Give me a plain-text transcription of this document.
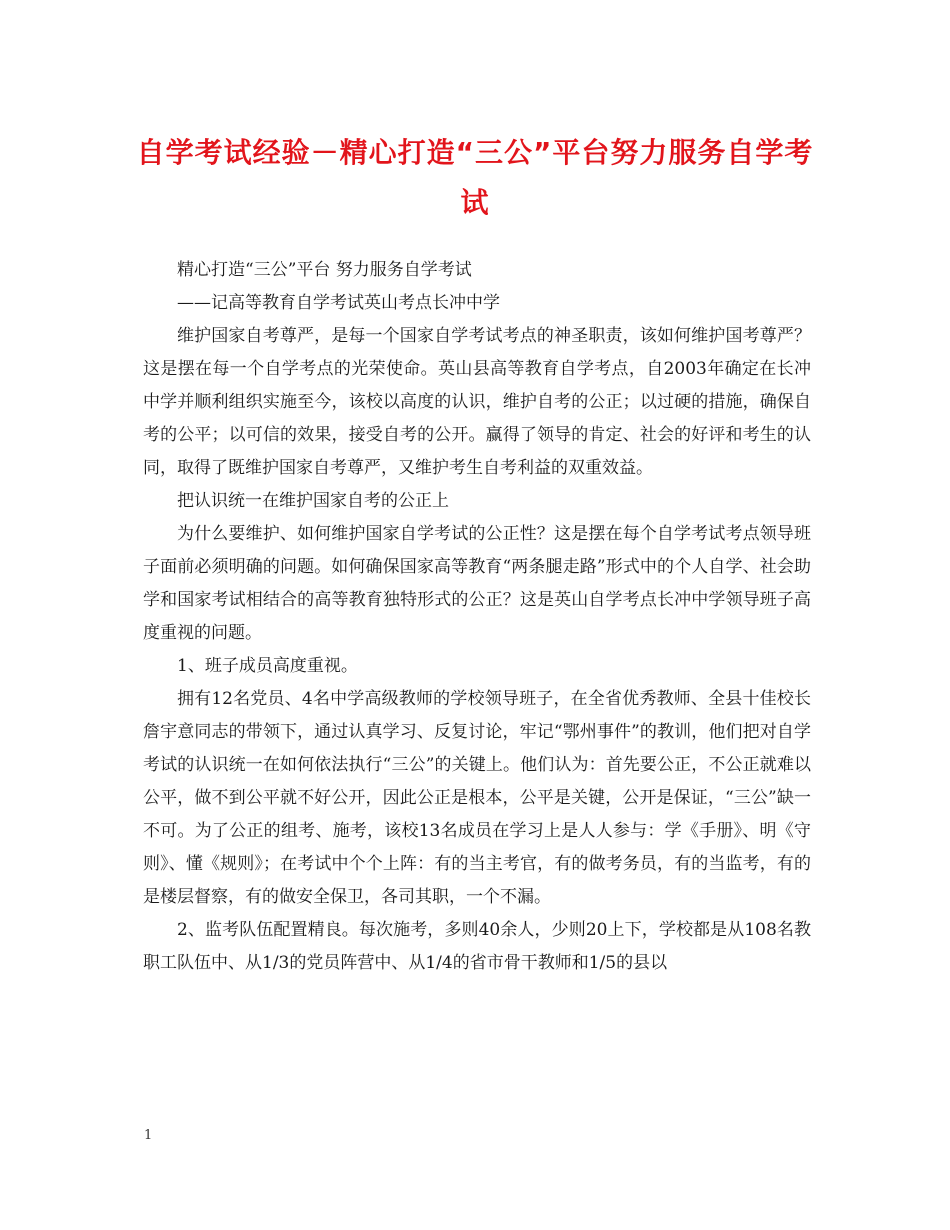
自学考试经验－精心打造“三公”平台努力服务自学考试

精心打造“三公”平台 努力服务自学考试

——记高等教育自学考试英山考点长冲中学

维护国家自考尊严，是每一个国家自学考试考点的神圣职责，该如何维护国考尊严？这是摆在每一个自学考点的光荣使命。英山县高等教育自学考点，自2003年确定在长冲中学并顺利组织实施至今，该校以高度的认识，维护自考的公正；以过硬的措施，确保自考的公平；以可信的效果，接受自考的公开。赢得了领导的肯定、社会的好评和考生的认同，取得了既维护国家自考尊严，又维护考生自考利益的双重效益。

把认识统一在维护国家自考的公正上

为什么要维护、如何维护国家自学考试的公正性？这是摆在每个自学考试考点领导班子面前必须明确的问题。如何确保国家高等教育“两条腿走路”形式中的个人自学、社会助学和国家考试相结合的高等教育独特形式的公正？这是英山自学考点长冲中学领导班子高度重视的问题。

1、班子成员高度重视。

拥有12名党员、4名中学高级教师的学校领导班子，在全省优秀教师、全县十佳校长詹宇意同志的带领下，通过认真学习、反复讨论，牢记“鄂州事件”的教训，他们把对自学考试的认识统一在如何依法执行“三公”的关键上。他们认为：首先要公正，不公正就难以公平，做不到公平就不好公开，因此公正是根本，公平是关键，公开是保证，“三公”缺一不可。为了公正的组考、施考，该校13名成员在学习上是人人参与：学《手册》、明《守则》、懂《规则》；在考试中个个上阵：有的当主考官，有的做考务员，有的当监考，有的是楼层督察，有的做安全保卫，各司其职，一个不漏。

2、监考队伍配置精良。每次施考，多则40余人，少则20上下，学校都是从108名教职工队伍中、从1/3的党员阵营中、从1/4的省市骨干教师和1/5的县以

1
